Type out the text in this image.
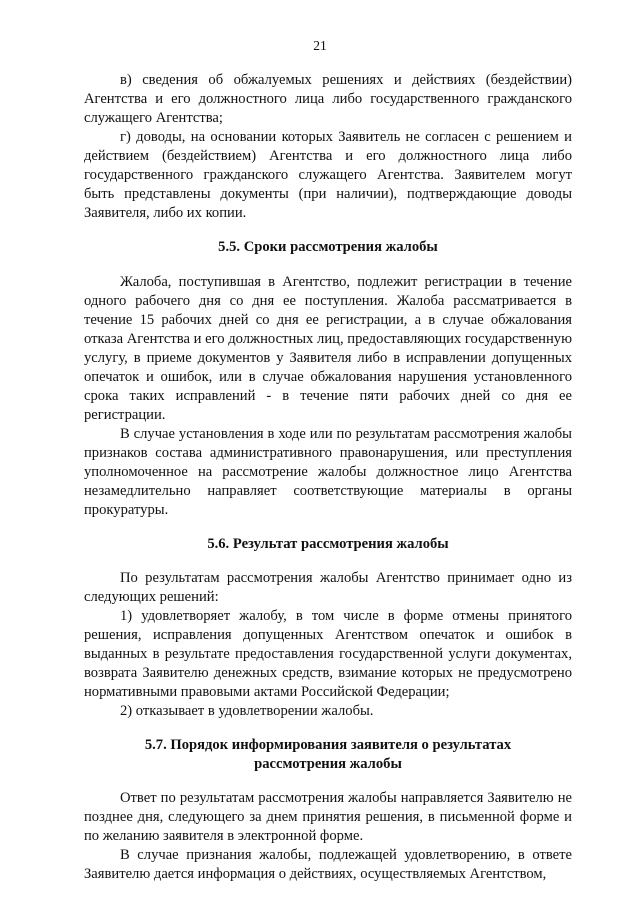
21

в) сведения об обжалуемых решениях и действиях (бездействии) Агентства и его должностного лица либо государственного гражданского служащего Агентства;

г) доводы, на основании которых Заявитель не согласен с решением и действием (бездействием) Агентства и его должностного лица либо государственного гражданского служащего Агентства. Заявителем могут быть представлены документы (при наличии), подтверждающие доводы Заявителя, либо их копии.

5.5. Сроки рассмотрения жалобы

Жалоба, поступившая в Агентство, подлежит регистрации в течение одного рабочего дня со дня ее поступления. Жалоба рассматривается в течение 15 рабочих дней со дня ее регистрации, а в случае обжалования отказа Агентства и его должностных лиц, предоставляющих государственную услугу, в приеме документов у Заявителя либо в исправлении допущенных опечаток и ошибок, или в случае обжалования нарушения установленного срока таких исправлений - в течение пяти рабочих дней со дня ее регистрации.

В случае установления в ходе или по результатам рассмотрения жалобы признаков состава административного правонарушения, или преступления уполномоченное на рассмотрение жалобы должностное лицо Агентства незамедлительно направляет соответствующие материалы в органы прокуратуры.

5.6. Результат рассмотрения жалобы

По результатам рассмотрения жалобы Агентство принимает одно из следующих решений:

1) удовлетворяет жалобу, в том числе в форме отмены принятого решения, исправления допущенных Агентством опечаток и ошибок в выданных в результате предоставления государственной услуги документах, возврата Заявителю денежных средств, взимание которых не предусмотрено нормативными правовыми актами Российской Федерации;

2) отказывает в удовлетворении жалобы.

5.7. Порядок информирования заявителя о результатах
рассмотрения жалобы

Ответ по результатам рассмотрения жалобы направляется Заявителю не позднее дня, следующего за днем принятия решения, в письменной форме и по желанию заявителя в электронной форме.

В случае признания жалобы, подлежащей удовлетворению, в ответе Заявителю дается информация о действиях, осуществляемых Агентством,
